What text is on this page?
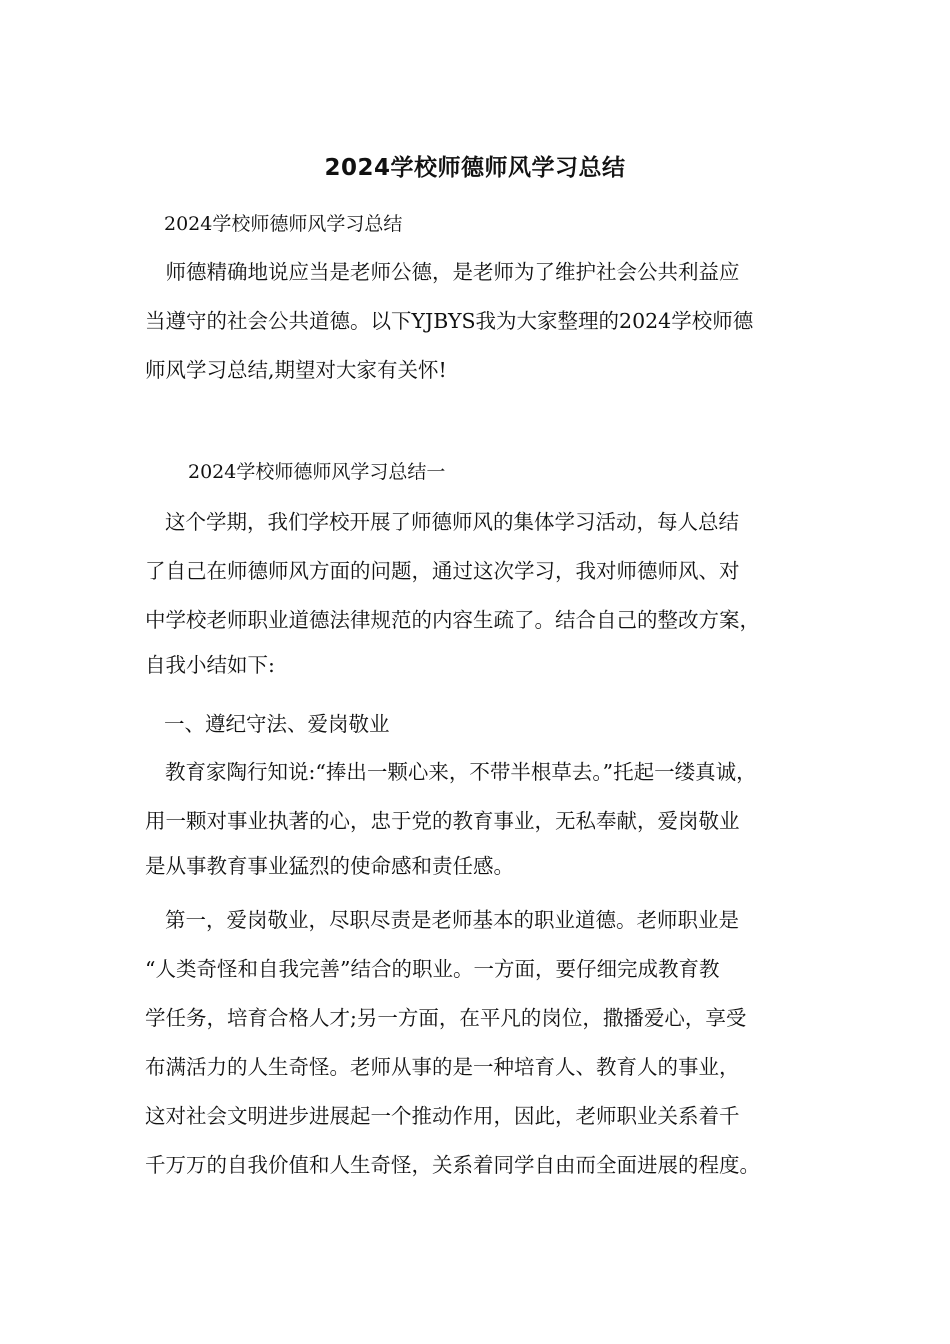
2024学校师德师风学习总结
2024学校师德师风学习总结
　师德精确地说应当是老师公德，是老师为了维护社会公共利益应
当遵守的社会公共道德。以下YJBYS我为大家整理的2024学校师德
师风学习总结,期望对大家有关怀!
2024学校师德师风学习总结一
这个学期，我们学校开展了师德师风的集体学习活动，每人总结
了自己在师德师风方面的问题，通过这次学习，我对师德师风、对
中学校老师职业道德法律规范的内容生疏了。结合自己的整改方案，
自我小结如下:
一、遵纪守法、爱岗敬业
教育家陶行知说:“捧出一颗心来，不带半根草去。”托起一缕真诚，
用一颗对事业执著的心，忠于党的教育事业，无私奉献，爱岗敬业
是从事教育事业猛烈的使命感和责任感。
第一，爱岗敬业，尽职尽责是老师基本的职业道德。老师职业是
“人类奇怪和自我完善”结合的职业。一方面，要仔细完成教育教
学任务，培育合格人才;另一方面，在平凡的岗位，撒播爱心，享受
布满活力的人生奇怪。老师从事的是一种培育人、教育人的事业，
这对社会文明进步进展起一个推动作用，因此，老师职业关系着千
千万万的自我价值和人生奇怪，关系着同学自由而全面进展的程度。
